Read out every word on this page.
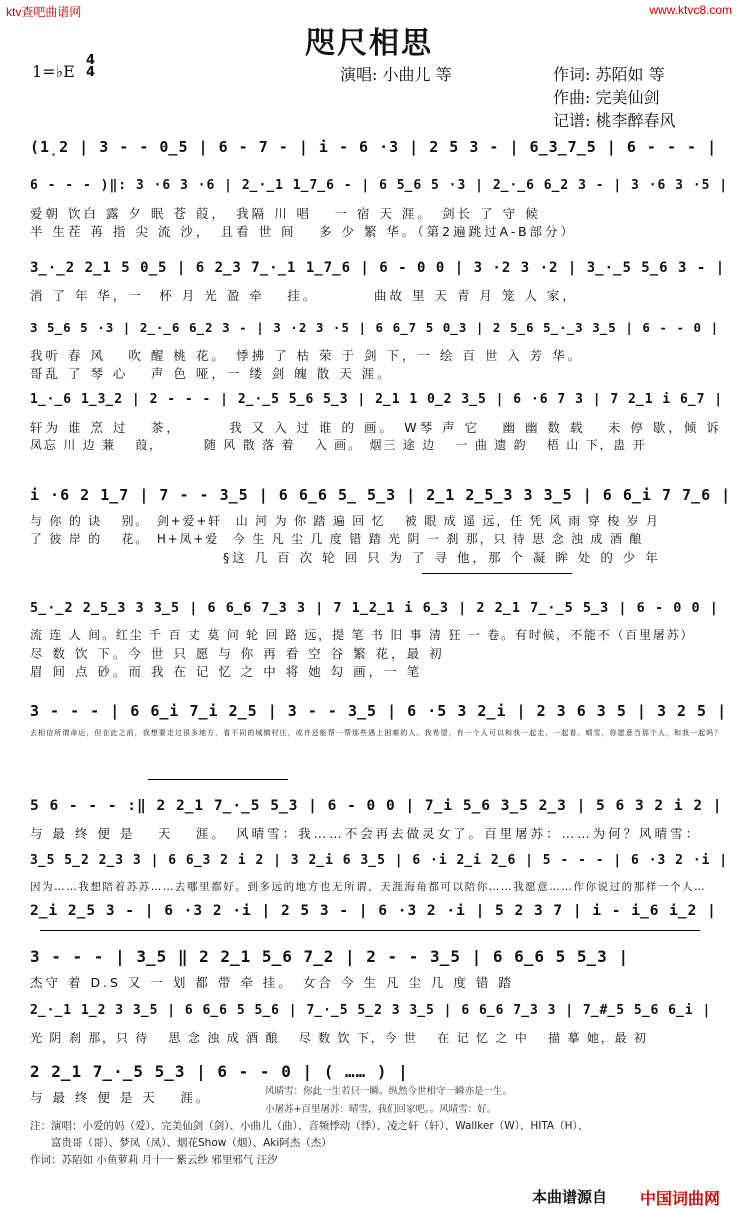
ktv查吧曲谱网	www.ktvc8.com
咫尺相思
1=♭E
4
4	演唱: 小曲儿 等	作词: 苏陌如 等
作曲: 完美仙剑
记谱: 桃李醉春风
(1̣2 | 3 - - 0̲5 | 6 - 7 - | i - 6 ·3 | 2 5 3 - | 6̲3̲7̲5 | 6 - - - |
6 - - - )‖: 3 ·6 3 ·6 | 2̲·̲1 1̲7̲6 - | 6 5̲6 5 ·3 | 2̲·̲6 6̲2 3 - | 3 ·6 3 ·5 |
爱朝 饮白 露 夕 眠 苍 葭，　我隔 川 唱　 一 宿 天 涯。　剑长 了 守 候
半 生茬 苒 指 尖 流 沙，　且看 世 间　 多 少 繁 华。（第2遍跳过A-B部分）
3̲·̲2 2̲1 5 0̲5 | 6 2̲3 7̲·̲1 1̲7̲6 | 6 - 0 0 | 3 ·2 3 ·2 | 3̲·̲5 5̲6 3 - |
消 了 年 华，一　杯 月 光 盈 牵　 挂。　　　　曲故 里 天 青 月 笼 人 家，
3 5̲6 5 ·3 | 2̲·̲6 6̲2 3 - | 3 ·2 3 ·5 | 6 6̲7 5 0̲3 | 2 5̲6 5̲·̲3 3̲5 | 6 - - 0 |
我听 春 风　 吹 醒 桃 花。　悸拂 了 枯 荣 于 剑 下，一 绘 百 世 入 芳 华。
哥乱 了 琴 心　 声 色 哑，一 缕 剑 魄 散 天 涯。
1̲·̲6 1̲3̲2 | 2 - - - | 2̲·̲5 5̲6 5̲3 | 2̲1 1 0̲2 3̲5 | 6 ·6 7 3 | 7 2̲1 i 6̲7 |
轩为 谁 烹 过　 茶，　　　 我 又 入 过 谁 的 画。　W琴 声 它　 幽 幽 数 载　 未 停 歇，倾 诉
凤忘 川 边 蒹　 葭，　　　 随 风 散 落 着　 入 画。　烟三 途 边　 一 曲 遗 韵　 梧 山 下，蛊 开
i ·6 2 1̲7 | 7 - - 3̲5 | 6 6̲6 5̲ 5̲3 | 2̲1 2̲5̲3 3 3̲5 | 6 6̲i 7 7̲6 |
与 你 的 诀　 别。　剑+爱+轩　山 河 为 你 踏 遍 回 忆　 被 眼 成 遥 远，任 凭 风 雨 穿 梭 岁 月
了 彼 岸 的　 花。　H+凤+爱　今 生 凡 尘 几 度 错 踏 光 阴 一 刹 那，只 待 思 念 浊 成 酒 酿
　　　　　　　　　　　　 §这 几 百 次 轮 回 只 为 了 寻 他，那 个 凝 眸 处 的 少 年
5̲·̲2 2̲5̲3 3 3̲5 | 6 6̲6 7̲3 3 | 7 1̲2̲1 i 6̲3 | 2 2̲1 7̲·̲5 5̲3 | 6 - 0 0 |
流 连 人 间。红尘 千 百 丈 莫 问 轮 回 路 远，提 笔 书 旧 事 清 狂 一 卷。有时候，不能不（百里屠苏）
尽 数 饮 下。今 世 只 愿 与 你 再 看 空 谷 繁 花，最 初
眉 间 点 砂。而 我 在 记 忆 之 中 将 她 勾 画，一 笔
3 - - - | 6 6̲i 7̲i 2̲5 | 3 - - 3̲5 | 6 ·5 3 2̲i | 2 3 6 3 5 | 3 2 5 |
去相信所谓命运，但在此之前，我想要走过很多地方，看不同的城镇村庄，或许还能帮一帮那些遇上困难的人。我希望，有一个人可以和我一起走，一起看。晴雪，你愿意当那个人，和我一起吗？
5 6 - - - :‖ 2 2̲1 7̲·̲5 5̲3 | 6 - 0 0 | 7̲i 5̲6 3̲5 2̲3 | 5 6 3 2 i 2 |
与 最 终 便 是　 天　 涯。　风晴雪：我……不会再去做灵女了。百里屠苏：……为何？风晴雪：
3̲5 5̲2 2̲3 3 | 6 6̲3 2 i 2 | 3 2̲i 6 3̲5 | 6 ·i 2̲i 2̲6 | 5 - - - | 6 ·3 2 ·i |
因为……我想陪着苏苏……去哪里都好。到多远的地方也无所谓，天涯海角都可以陪你……我愿意……作你说过的那样一个人…
2̲i 2̲5 3 - | 6 ·3 2 ·i | 2 5 3 - | 6 ·3 2 ·i | 5 2 3 7 | i - i̲6 i̲2 |
3 - - - | 3̲5 ‖ 2 2̲1 5̲6 7̲2 | 2 - - 3̲5 | 6 6̲6 5 5̲3 |
杰守 着 D.S 又 一 划 都 带 牵 挂。　女合 今 生 凡 尘 几 度 错 踏
2̲·̲1 1̲2 3 3̲5 | 6 6̲6 5 5̲6 | 7̲·̲5 5̲2 3 3̲5 | 6 6̲6 7̲3 3 | 7̲#̲5 5̲6 6̲i |
光 阴 刹 那，只 待　 思 念 浊 成 酒 酿　 尽 数 饮 下，今 世　 在 记 忆 之 中　 描 摹 她，最 初
2 2̲1 7̲·̲5 5̲3 | 6 - - 0 | ( …… ) |
与 最 终 便 是 天　 涯。	风晴雪：你此一生若只一瞬。纵然今世相守一瞬亦是一生。
小屠苏+百里屠苏：晴雪，我们回家吧。。风晴雪：好。
注：演唱：小爱的妈（爱）、完美仙剑（剑）、小曲儿（曲）、音频悸动（悸）、凌之轩（轩）、Wallker（W）、HITA（H）、
　　富贵哥（哥）、梦凤（凤）、烟花Show（烟）、Aki阿杰（杰）
作词：苏陌如 小鱼萝莉 月十一 紫云纱 邪里邪气 汪汐
本曲谱源自 中国词曲网
